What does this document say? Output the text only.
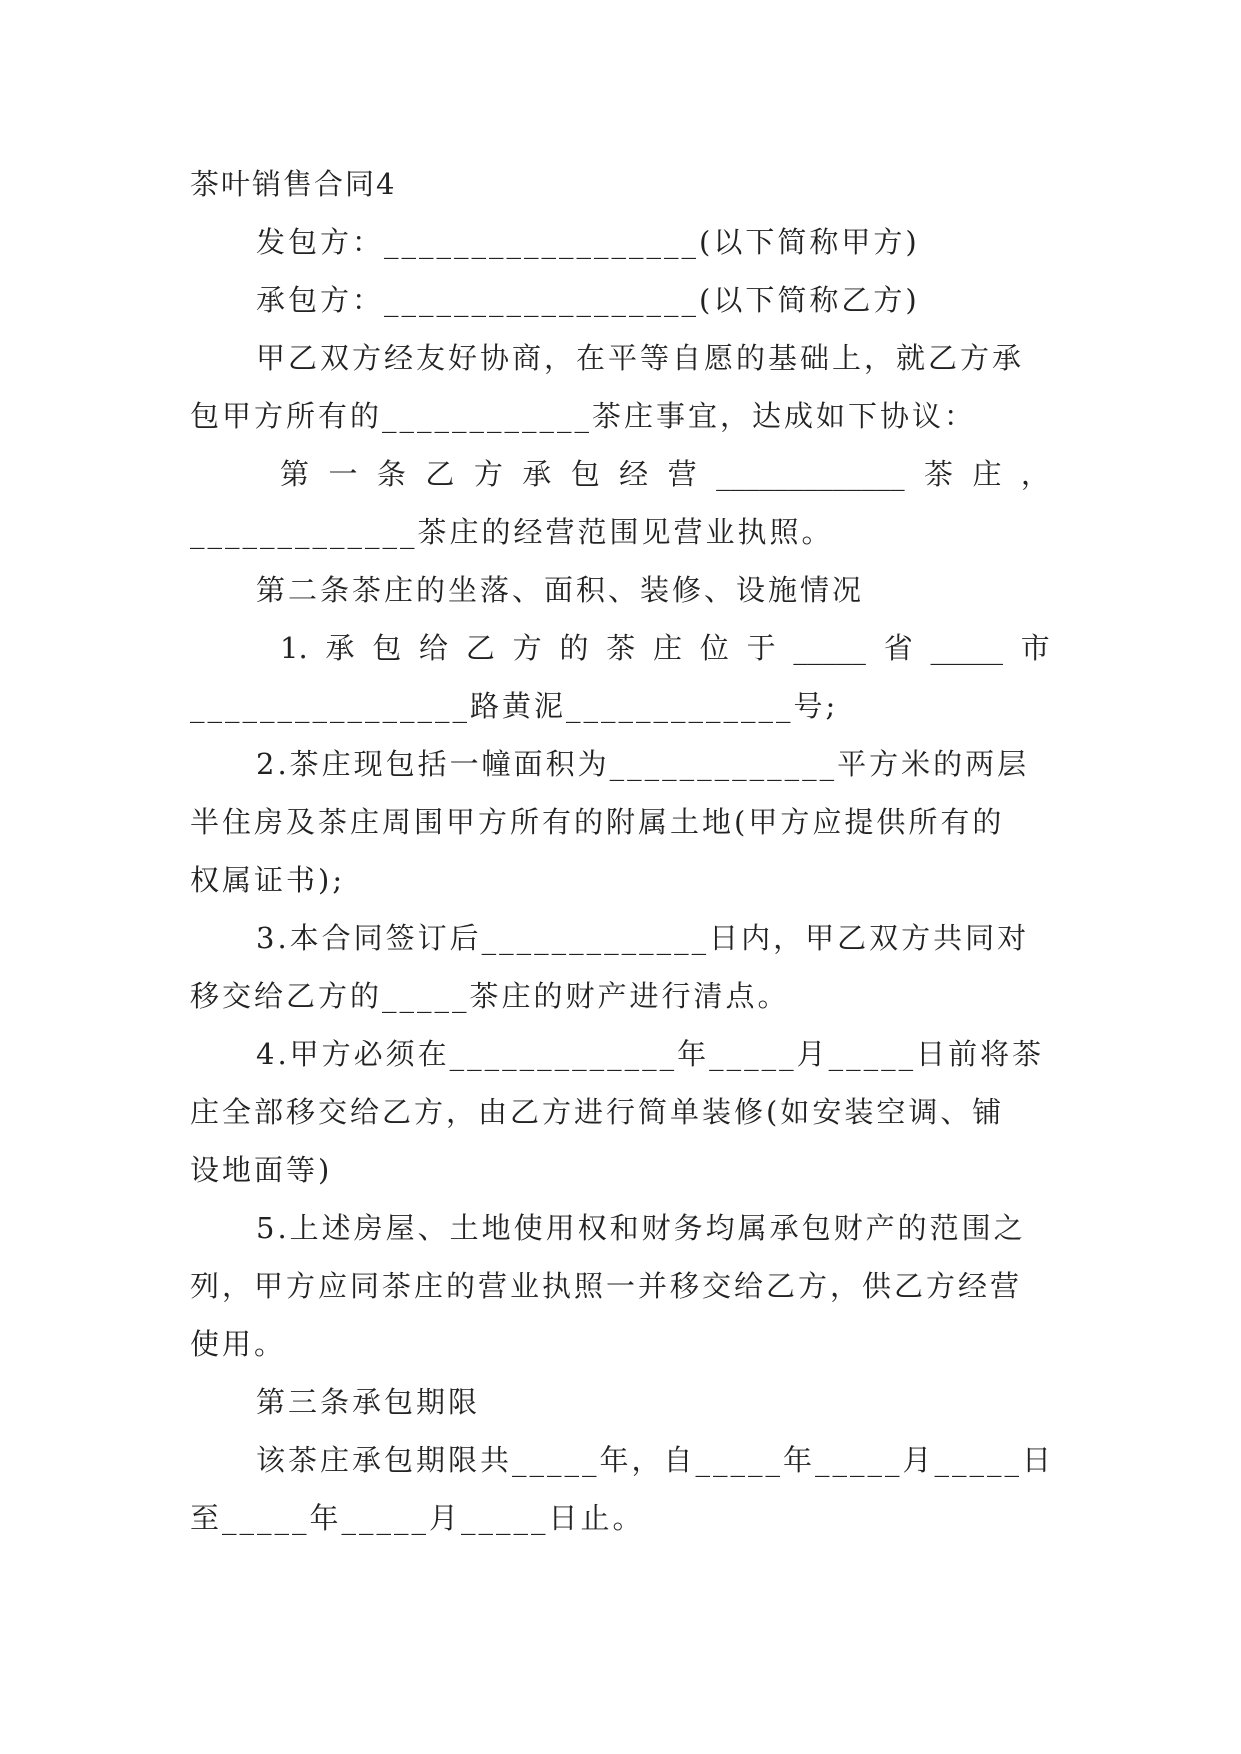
茶叶销售合同4
发包方：__________________(以下简称甲方)
承包方：__________________(以下简称乙方)
甲乙双方经友好协商，在平等自愿的基础上，就乙方承
包甲方所有的____________茶庄事宜，达成如下协议：
第 一 条 乙 方 承 包 经 营 _____________ 茶 庄 ，
_____________茶庄的经营范围见营业执照。
第二条茶庄的坐落、面积、装修、设施情况
1. 承 包 给 乙 方 的 茶 庄 位 于 _____ 省 _____ 市
________________路黄泥_____________号;
2.茶庄现包括一幢面积为_____________平方米的两层
半住房及茶庄周围甲方所有的附属土地(甲方应提供所有的
权属证书);
3.本合同签订后_____________日内，甲乙双方共同对
移交给乙方的_____茶庄的财产进行清点。
4.甲方必须在_____________年_____月_____日前将茶
庄全部移交给乙方，由乙方进行简单装修(如安装空调、铺
设地面等)
5.上述房屋、土地使用权和财务均属承包财产的范围之
列，甲方应同茶庄的营业执照一并移交给乙方，供乙方经营
使用。
第三条承包期限
该茶庄承包期限共_____年，自_____年_____月_____日
至_____年_____月_____日止。
